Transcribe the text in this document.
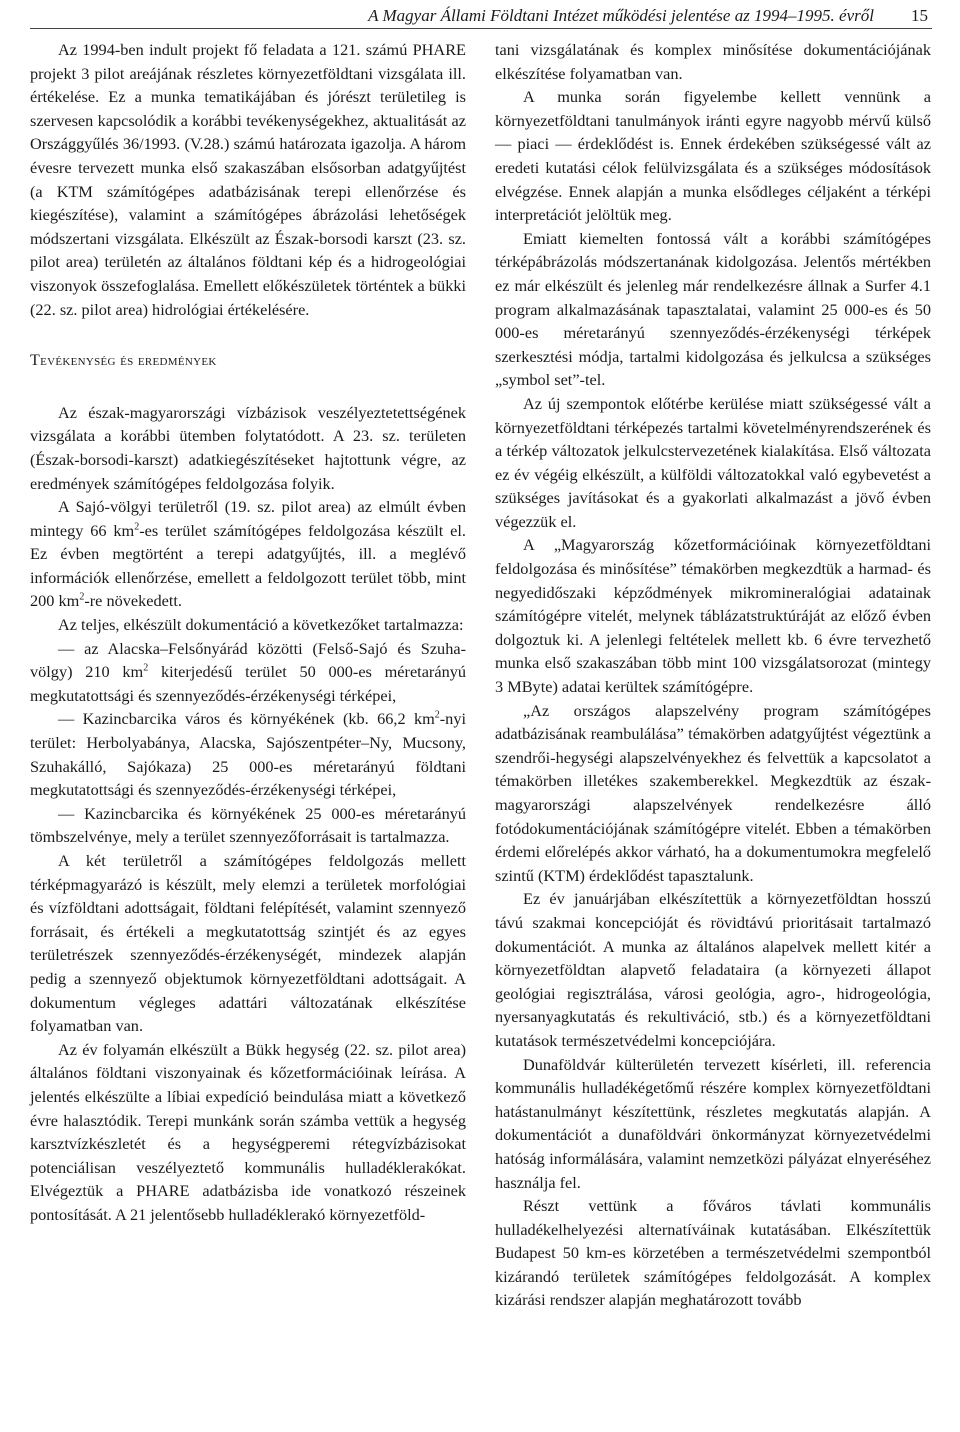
A Magyar Állami Földtani Intézet működési jelentése az 1994–1995. évről 15

Az 1994-ben indult projekt fő feladata a 121. számú PHARE projekt 3 pilot areájának részletes környezetföldtani vizsgálata ill. értékelése. Ez a munka tematikájában és jórészt területileg is szervesen kapcsolódik a korábbi tevékenységekhez, aktualitását az Országgyűlés 36/1993. (V.28.) számú határozata igazolja. A három évesre tervezett munka első szakaszában elsősorban adatgyűjtést (a KTM számítógépes adatbázisának terepi ellenőrzése és kiegészítése), valamint a számítógépes ábrázolási lehetőségek módszertani vizsgálata. Elkészült az Észak-borsodi karszt (23. sz. pilot area) területén az általános földtani kép és a hidrogeológiai viszonyok összefoglalása. Emellett előkészületek történtek a bükki (22. sz. pilot area) hidrológiai értékelésére.

Tevékenység és eredmények

Az észak-magyarországi vízbázisok veszélyeztetettségének vizsgálata a korábbi ütemben folytatódott. A 23. sz. területen (Észak-borsodi-karszt) adatkiegészítéseket hajtottunk végre, az eredmények számítógépes feldolgozása folyik.

A Sajó-völgyi területről (19. sz. pilot area) az elmúlt évben mintegy 66 $km^2-es$ terület számítógépes feldolgozása készült el. Ez évben megtörtént a terepi adatgyűjtés, ill. a meglévő információk ellenőrzése, emellett a feldolgozott terület több, mint 200 $km^2-re$ növekedett.

Az teljes, elkészült dokumentáció a következőket tartalmazza:

— az Alacska–Felsőnyárád közötti (Felső-Sajó és Szuha-völgy) 210 $km^2$ kiterjedésű terület 50 000-es méretarányú megkutatottsági és szennyeződés-érzékenységi térképei,

— Kazincbarcika város és környékének (kb. 66,2 $km^2$-nyi terület: Herbolyabánya, Alacska, Sajószentpéter–Ny, Mucsony, Szuhakálló, Sajókaza) 25 000-es méretarányú földtani megkutatottsági és szennyeződés-érzékenységi térképei,

— Kazincbarcika és környékének 25 000-es méretarányú tömbszelvénye, mely a terület szennyezőforrásait is tartalmazza.

A két területről a számítógépes feldolgozás mellett térképmagyarázó is készült, mely elemzi a területek morfológiai és vízföldtani adottságait, földtani felépítését, valamint szennyező forrásait, és értékeli a megkutatottság szintjét és az egyes területrészek szennyeződés-érzékenységét, mindezek alapján pedig a szennyező objektumok környezetföldtani adottságait. A dokumentum végleges adattári változatának elkészítése folyamatban van.

Az év folyamán elkészült a Bükk hegység (22. sz. pilot area) általános földtani viszonyainak és kőzetformációinak leírása. A jelentés elkészülte a líbiai expedíció beindulása miatt a következő évre halasztódik. Terepi munkánk során számba vettük a hegység karsztvízkészletét és a hegységperemi rétegvízbázisokat potenciálisan veszélyeztető kommunális hulladéklerakókat. Elvégeztük a PHARE adatbázisba ide vonatkozó részeinek pontosítását. A 21 jelentősebb hulladéklerakó környezetföld-

tani vizsgálatának és komplex minősítése dokumentációjának elkészítése folyamatban van.

A munka során figyelembe kellett vennünk a környezetföldtani tanulmányok iránti egyre nagyobb mérvű külső — piaci — érdeklődést is. Ennek érdekében szükségessé vált az eredeti kutatási célok felülvizsgálata és a szükséges módosítások elvégzése. Ennek alapján a munka elsődleges céljaként a térképi interpretációt jelöltük meg.

Emiatt kiemelten fontossá vált a korábbi számítógépes térképábrázolás módszertanának kidolgozása. Jelentős mértékben ez már elkészült és jelenleg már rendelkezésre állnak a Surfer 4.1 program alkalmazásának tapasztalatai, valamint 25 000-es és 50 000-es méretarányú szennyeződés-érzékenységi térképek szerkesztési módja, tartalmi kidolgozása és jelkulcsa a szükséges „symbol set”-tel.

Az új szempontok előtérbe kerülése miatt szükségessé vált a környezetföldtani térképezés tartalmi követelményrendszerének és a térkép változatok jelkulcstervezetének kialakítása. Első változata ez év végéig elkészült, a külföldi változatokkal való egybevetést a szükséges javításokat és a gyakorlati alkalmazást a jövő évben végezzük el.

A „Magyarország kőzetformációinak környezetföldtani feldolgozása és minősítése” témakörben megkezdtük a harmad- és negyedidőszaki képződmények mikromineralógiai adatainak számítógépre vitelét, melynek táblázatstruktúráját az előző évben dolgoztuk ki. A jelenlegi feltételek mellett kb. 6 évre tervezhető munka első szakaszában több mint 100 vizsgálatsorozat (mintegy 3 MByte) adatai kerültek számítógépre.

„Az országos alapszelvény program számítógépes adatbázisának reambulálása” témakörben adatgyűjtést végeztünk a szendrői-hegységi alapszelvényekhez és felvettük a kapcsolatot a témakörben illetékes szakemberekkel. Megkezdtük az észak-magyarországi alapszelvények rendelkezésre álló fotódokumentációjának számítógépre vitelét. Ebben a témakörben érdemi előrelépés akkor várható, ha a dokumentumokra megfelelő szintű (KTM) érdeklődést tapasztalunk.

Ez év januárjában elkészítettük a környezetföldtan hosszú távú szakmai koncepcióját és rövidtávú prioritásait tartalmazó dokumentációt. A munka az általános alapelvek mellett kitér a környezetföldtan alapvető feladataira (a környezeti állapot geológiai regisztrálása, városi geológia, agro-, hidrogeológia, nyersanyagkutatás és rekultiváció, stb.) és a környezetföldtani kutatások természetvédelmi koncepciójára.

Dunaföldvár külterületén tervezett kísérleti, ill. referencia kommunális hulladékégetőmű részére komplex környezetföldtani hatástanulmányt készítettünk, részletes megkutatás alapján. A dokumentációt a dunaföldvári önkormányzat környezetvédelmi hatóság informálására, valamint nemzetközi pályázat elnyeréséhez használja fel.

Részt vettünk a főváros távlati kommunális hulladékelhelyezési alternatíváinak kutatásában. Elkészítettük Budapest 50 km-es körzetében a természetvédelmi szempontból kizárandó területek számítógépes feldolgozását. A komplex kizárási rendszer alapján meghatározott tovább
